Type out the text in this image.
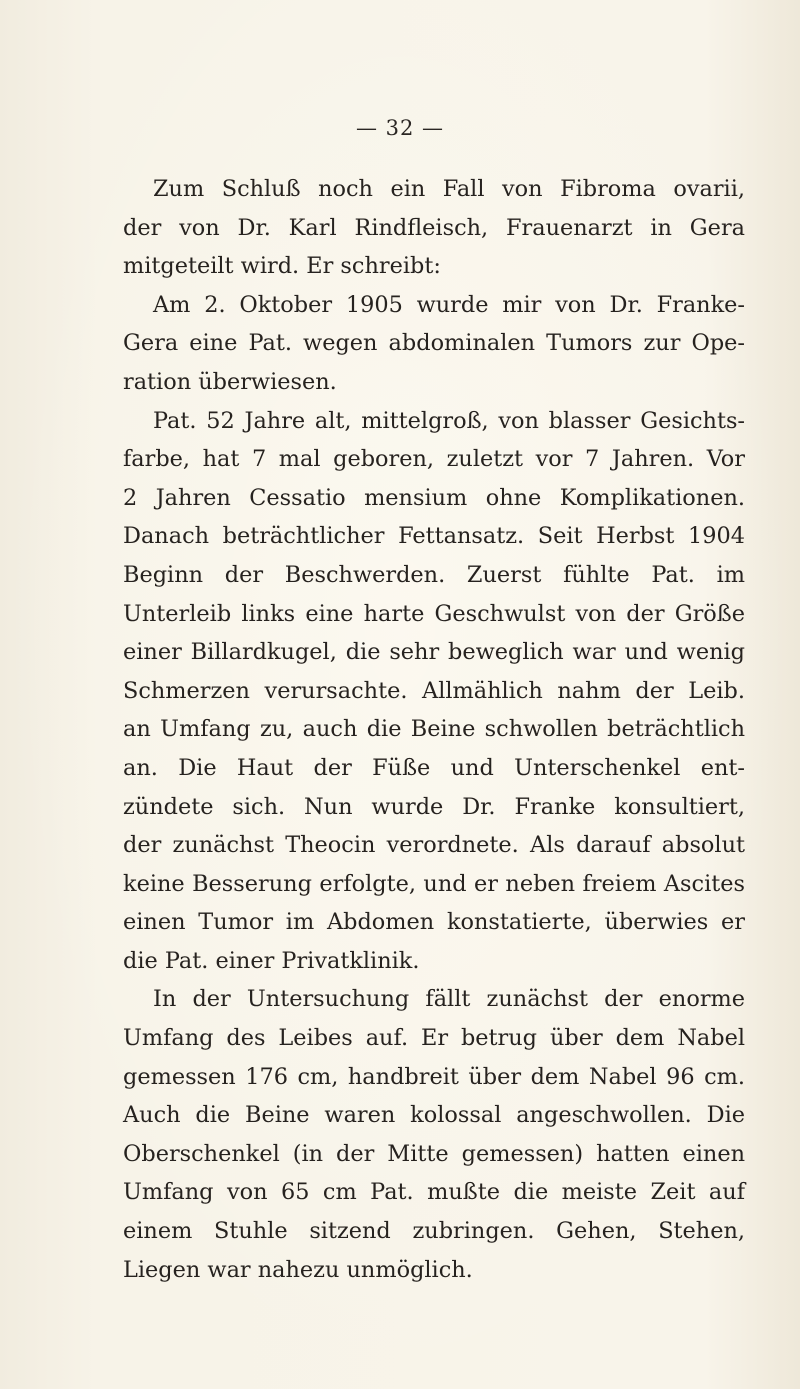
— 32 —

Zum Schluß noch ein Fall von Fibroma ovarii,
der von Dr. Karl Rindfleisch, Frauenarzt in Gera
mitgeteilt wird. Er schreibt:
Am 2. Oktober 1905 wurde mir von Dr. Franke-
Gera eine Pat. wegen abdominalen Tumors zur Ope-
ration überwiesen.
Pat. 52 Jahre alt, mittelgroß, von blasser Gesichts-
farbe, hat 7 mal geboren, zuletzt vor 7 Jahren. Vor
2 Jahren Cessatio mensium ohne Komplikationen.
Danach beträchtlicher Fettansatz. Seit Herbst 1904
Beginn der Beschwerden. Zuerst fühlte Pat. im
Unterleib links eine harte Geschwulst von der Größe
einer Billardkugel, die sehr beweglich war und wenig
Schmerzen verursachte. Allmählich nahm der Leib.
an Umfang zu, auch die Beine schwollen beträchtlich
an. Die Haut der Füße und Unterschenkel ent-
zündete sich. Nun wurde Dr. Franke konsultiert,
der zunächst Theocin verordnete. Als darauf absolut
keine Besserung erfolgte, und er neben freiem Ascites
einen Tumor im Abdomen konstatierte, überwies er
die Pat. einer Privatklinik.
In der Untersuchung fällt zunächst der enorme
Umfang des Leibes auf. Er betrug über dem Nabel
gemessen 176 cm, handbreit über dem Nabel 96 cm.
Auch die Beine waren kolossal angeschwollen. Die
Oberschenkel (in der Mitte gemessen) hatten einen
Umfang von 65 cm Pat. mußte die meiste Zeit auf
einem Stuhle sitzend zubringen. Gehen, Stehen,
Liegen war nahezu unmöglich.
